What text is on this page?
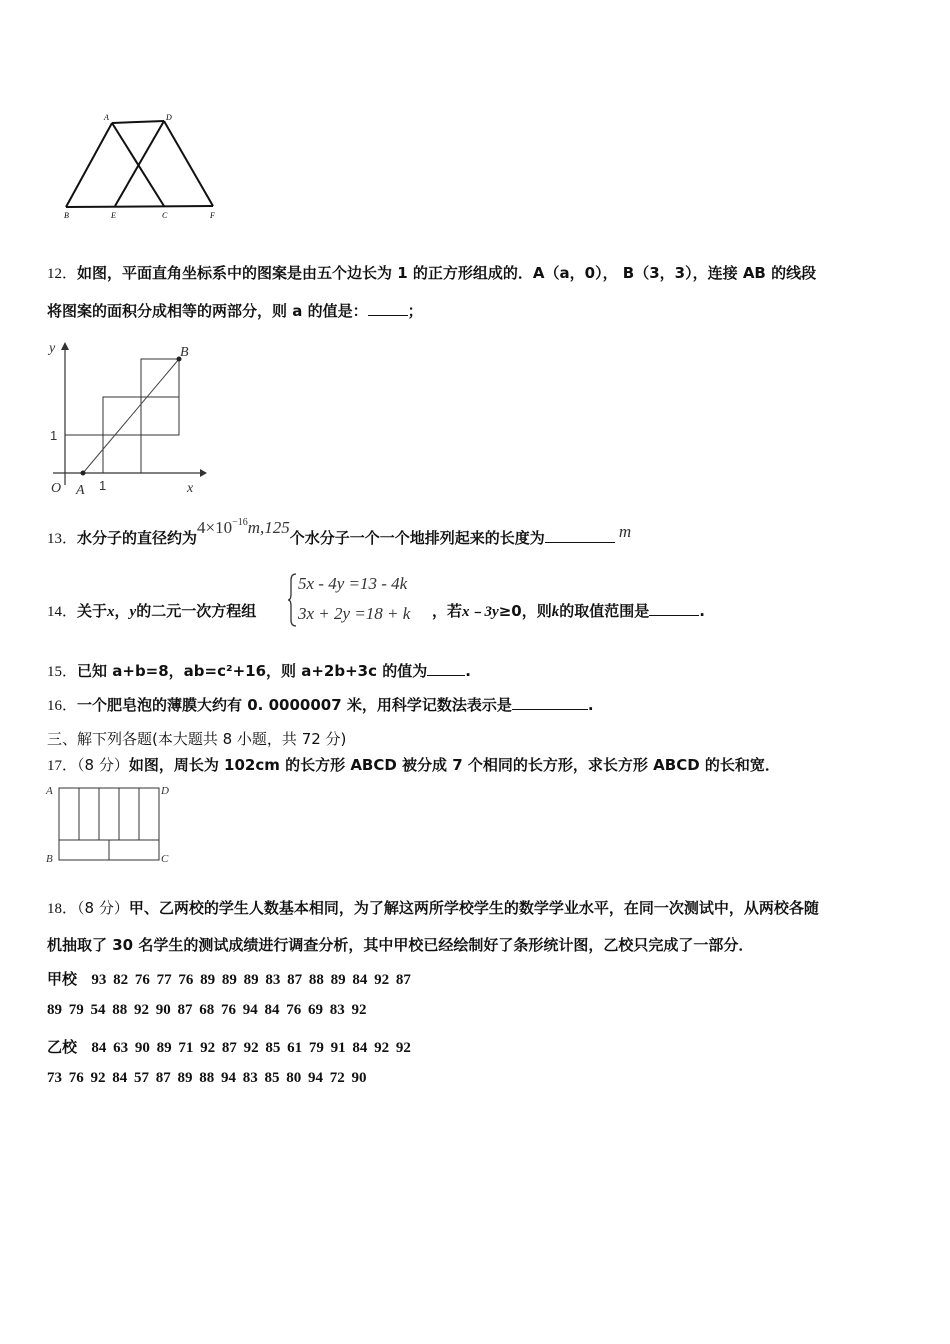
A	D
B	E	C	F
12．如图，平面直角坐标系中的图案是由五个边长为 1 的正方形组成的．A（a，0）， B（3，3），连接 AB 的线段
将图案的面积分成相等的两部分，则 a 的值是：	；
y
x
O A
B
1
1
13．水分子的直径约为$4\times 10^{-16}m,125$个水分子一个一个地排列起来的长度为	m
14．关于x，y的二元一次方程组
5x - 4y =13 - 4k
3x + 2y =18 + k ，若x﹣3y≥0，则k的取值范围是	.
15．已知 a+b=8，ab=c²+16，则 a+2b+3c 的值为	.
16．一个肥皂泡的薄膜大约有 0. 0000007 米，用科学记数法表示是	.
三、解下列各题(本大题共 8 小题，共 72 分)
17．（8 分）如图，周长为 102cm 的长方形 ABCD 被分成 7 个相同的长方形，求长方形 ABCD 的长和宽．
A	D
B	C
18．（8 分）甲、乙两校的学生人数基本相同，为了解这两所学校学生的数学学业水平，在同一次测试中，从两校各随
机抽取了 30 名学生的测试成绩进行调查分析，其中甲校已经绘制好了条形统计图，乙校只完成了一部分．
甲校 93 82 76 77 76 89 89 89 83 87 88 89 84 92 87
89 79 54 88 92 90 87 68 76 94 84 76 69 83 92
乙校 84 63 90 89 71 92 87 92 85 61 79 91 84 92 92
73 76 92 84 57 87 89 88 94 83 85 80 94 72 90
